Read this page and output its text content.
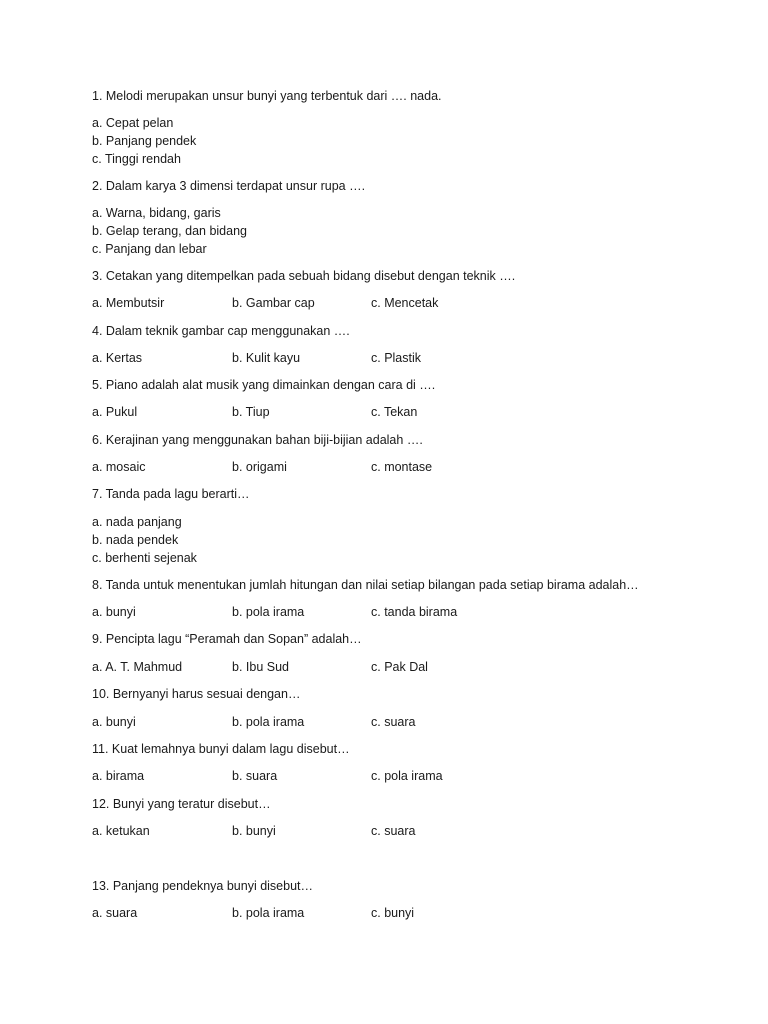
1. Melodi merupakan unsur bunyi yang terbentuk dari …. nada.
a. Cepat pelan
b. Panjang pendek
c. Tinggi rendah
2. Dalam karya 3 dimensi terdapat unsur rupa ….
a. Warna, bidang, garis
b. Gelap terang, dan bidang
c. Panjang dan lebar
3. Cetakan yang ditempelkan pada sebuah bidang disebut dengan teknik ….
a. Membutsir	b. Gambar cap	c. Mencetak
4. Dalam teknik gambar cap menggunakan ….
a. Kertas	b. Kulit kayu	c. Plastik
5. Piano adalah alat musik yang dimainkan dengan cara di ….
a. Pukul	b. Tiup	c. Tekan
6. Kerajinan yang menggunakan bahan biji-bijian adalah ….
a. mosaic	b. origami	c. montase
7. Tanda pada lagu berarti…
a. nada panjang
b. nada pendek
c. berhenti sejenak
8. Tanda untuk menentukan jumlah hitungan dan nilai setiap bilangan pada setiap birama adalah…
a. bunyi	b. pola irama	c. tanda birama
9. Pencipta lagu “Peramah dan Sopan” adalah…
a. A. T. Mahmud	b. Ibu Sud	c. Pak Dal
10. Bernyanyi harus sesuai dengan…
a. bunyi	b. pola irama	c. suara
11. Kuat lemahnya bunyi dalam lagu disebut…
a. birama	b. suara	c. pola irama
12. Bunyi yang teratur disebut…
a. ketukan	b. bunyi	c. suara
13. Panjang pendeknya bunyi disebut…
a. suara	b. pola irama	c. bunyi
